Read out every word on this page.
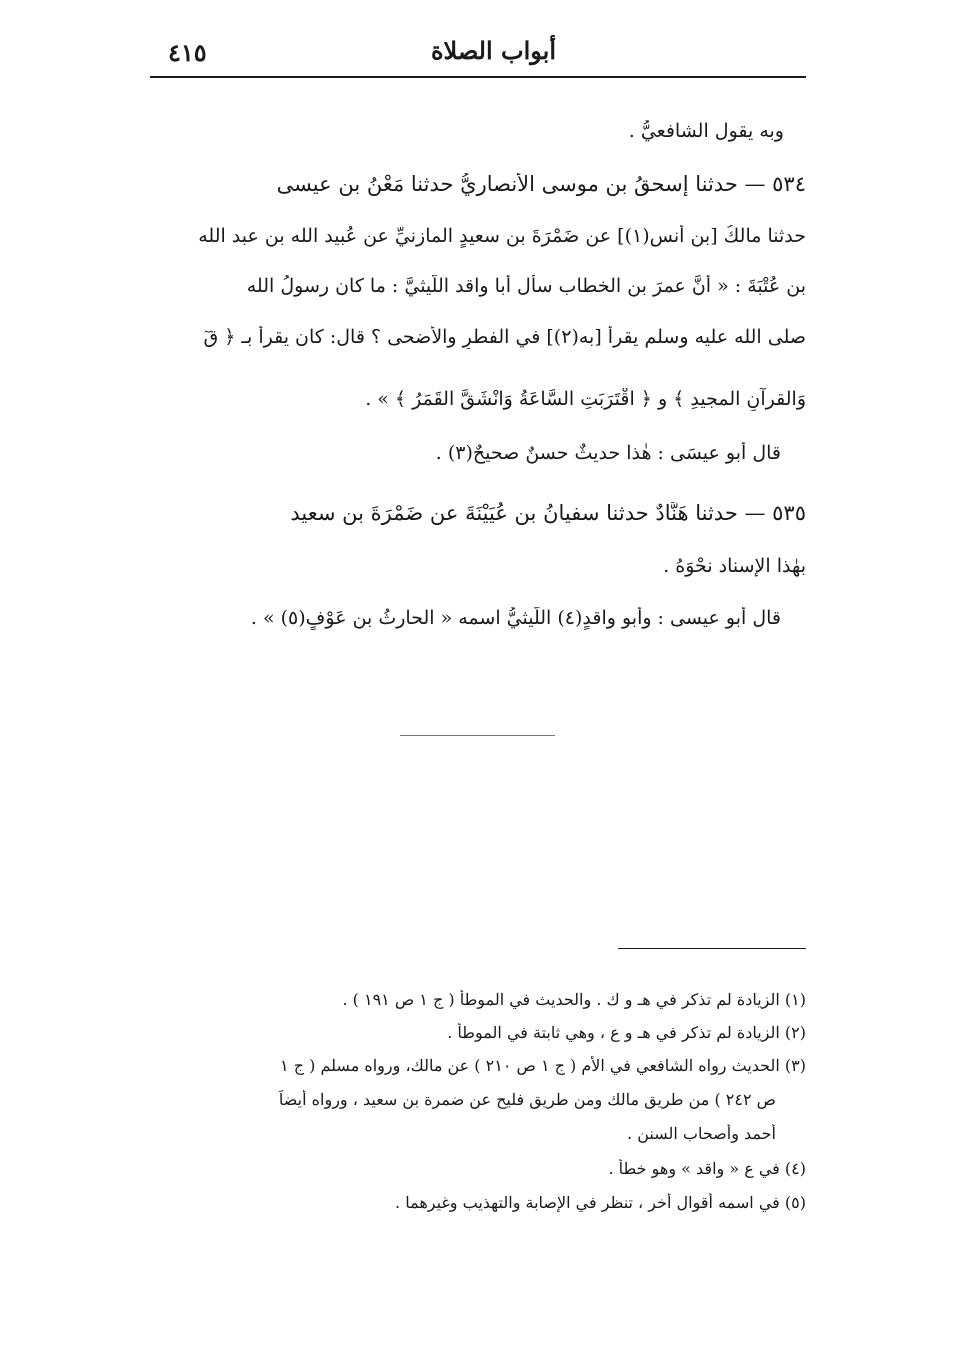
أبواب الصلاة
٤١٥
وبه يقول الشافعيُّ .
٥٣٤ — حدثنا إسحقُ بن موسى الأنصاريُّ حدثنا مَعْنُ بن عيسى
حدثنا مالكُ [بن أنس(١)] عن ضَمْرَةَ بن سعيدٍ المازنيِّ عن عُبيد الله بن عبد الله
بن عُتْبَةَ : « أنَّ عمرَ بن الخطاب سأل أبا واقد اللَّيثيَّ : ما كان رسولُ الله
صلى الله عليه وسلم يقرأ [به(٢)] في الفطرِ والأضحى ؟ قال: كان يقرأ بـ ﴿ قٓ
وَالقرآنِ المجيدِ ﴾ و ﴿ اقْتَرَبَتِ السَّاعَةُ وَانْشَقَّ القَمَرُ ﴾ » .
قال أبو عيسَى : هٰذا حديثٌ حسنٌ صحيحٌ(٣) .
٥٣٥ — حدثنا هَنَّادٌ حدثنا سفيانُ بن عُيَيْنَةَ عن ضَمْرَةَ بن سعيد
بهٰذا الإسناد نحْوَهُ .
قال أبو عيسى : وأبو واقدٍ(٤) اللَّيثيُّ اسمه « الحارثُ بن عَوْفٍ(٥) » .
(١) الزيادة لم تذكر في هـ و ك . والحديث في الموطأ ( ج ١ ص ١٩١ ) .
(٢) الزيادة لم تذكر في هـ و ع ، وهي ثابتة في الموطأ .
(٣) الحديث رواه الشافعي في الأم ( ج ١ ص ٢١٠ ) عن مالك، ورواه مسلم ( ج ١
ص ٢٤٢ ) من طريق مالك ومن طريق فليح عن ضمرة بن سعيد ، ورواه أيضاً
أحمد وأصحاب السنن .
(٤) في ع « واقد » وهو خطأ .
(٥) في اسمه أقوال أخر ، تنظر في الإصابة والتهذيب وغيرهما .
